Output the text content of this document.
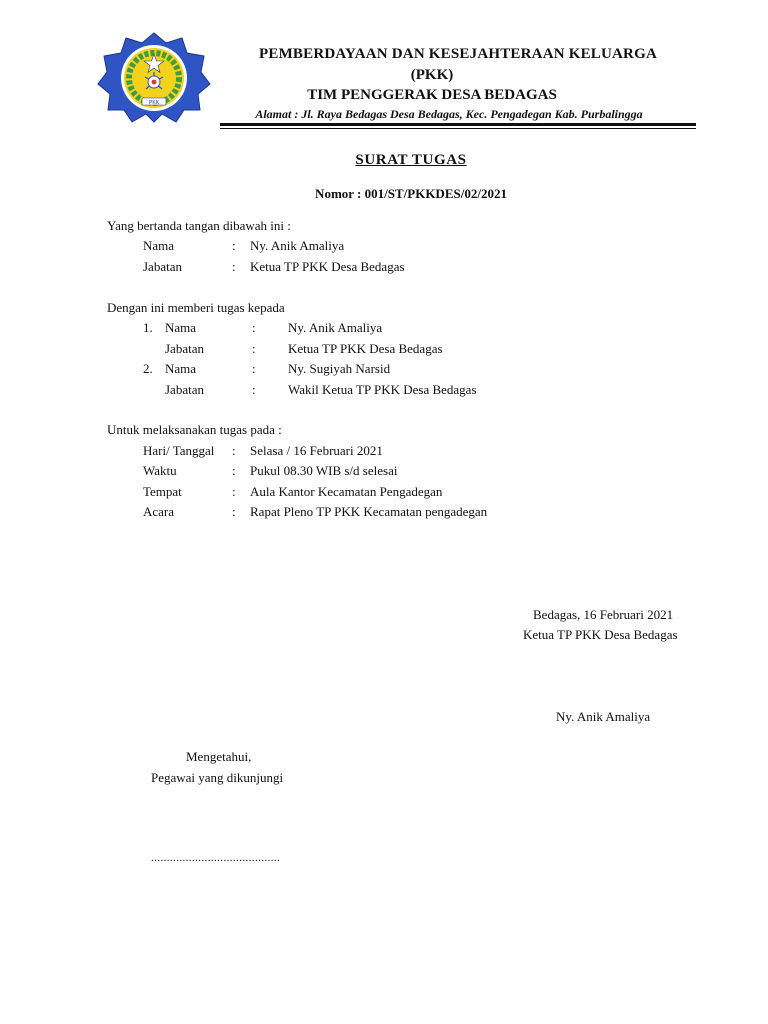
PKK
PEMBERDAYAAN DAN KESEJAHTERAAN KELUARGA
(PKK)
TIM PENGGERAK DESA BEDAGAS
Alamat : Jl. Raya Bedagas Desa Bedagas, Kec. Pengadegan Kab. Purbalingga
SURAT TUGAS
Nomor : 001/ST/PKKDES/02/2021
Yang bertanda tangan dibawah ini :
Nama	: Ny. Anik Amaliya
Jabatan	: Ketua TP PKK Desa Bedagas
Dengan ini memberi tugas kepada
1. Nama	: Ny. Anik Amaliya
Jabatan	: Ketua TP PKK Desa Bedagas
2. Nama	: Ny. Sugiyah Narsid
Jabatan	: Wakil Ketua TP PKK Desa Bedagas
Untuk melaksanakan tugas pada :
Hari/ Tanggal : Selasa / 16 Februari 2021
Waktu	: Pukul 08.30 WIB s/d selesai
Tempat	: Aula Kantor Kecamatan Pengadegan
Acara	: Rapat Pleno TP PKK Kecamatan pengadegan
Bedagas, 16 Februari 2021
Ketua TP PKK Desa Bedagas
Ny. Anik Amaliya
Mengetahui,
Pegawai yang dikunjungi
.........................................
